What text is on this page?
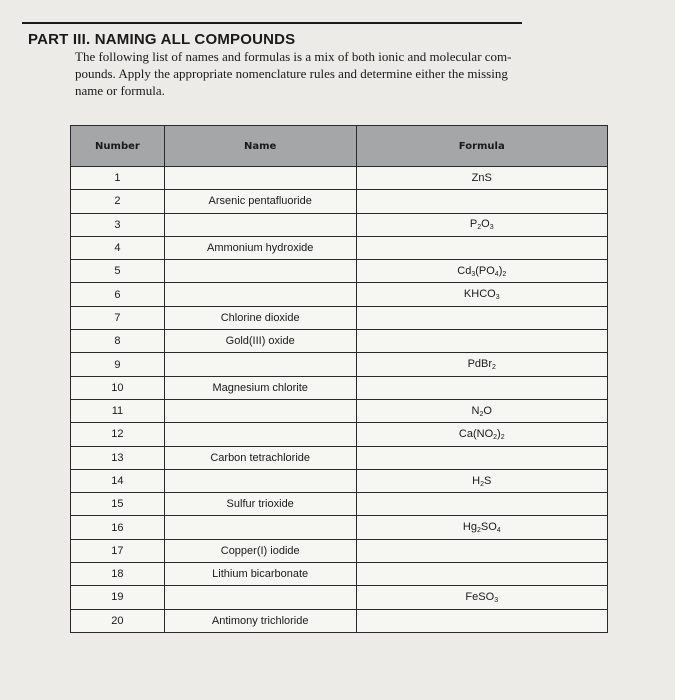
PART III. NAMING ALL COMPOUNDS
The following list of names and formulas is a mix of both ionic and molecular com-
pounds. Apply the appropriate nomenclature rules and determine either the missing
name or formula.
Number	Name	Formula
1		ZnS
2	Arsenic pentafluoride	
3		$P_2O_3$
4	Ammonium hydroxide	
5		$Cd_3(PO_4)_2$
6		$KHCO_3$
7	Chlorine dioxide	
8	Gold(III) oxide	
9		PdBr$_2$
10	Magnesium chlorite	
11		$N_2O$
12		$Ca(NO_2)_2$
13	Carbon tetrachloride	
14		$H_2S$
15	Sulfur trioxide	
16		$Hg_2SO_4$
17	Copper(I) iodide	
18	Lithium bicarbonate	
19		FeSO$_3$
20	Antimony trichloride	
